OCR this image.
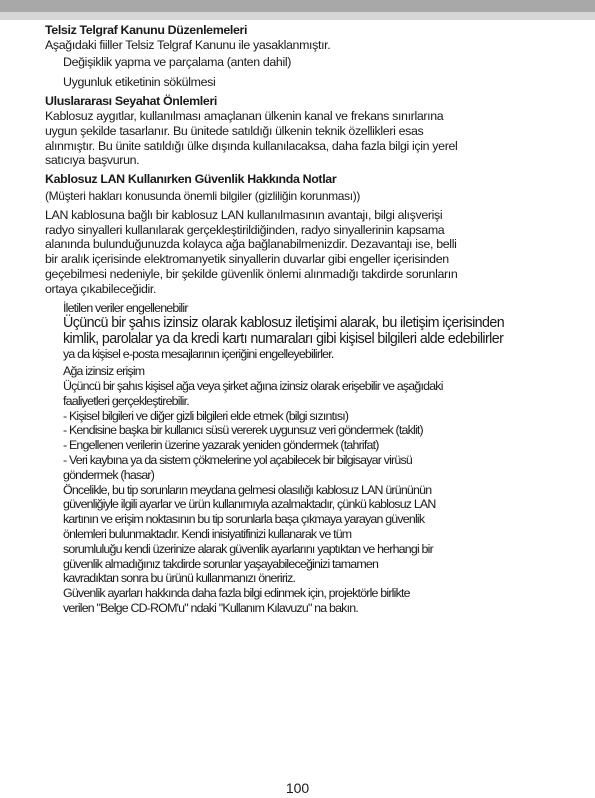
Telsiz Telgraf Kanunu Düzenlemeleri
Aşağıdaki fiiller Telsiz Telgraf Kanunu ile yasaklanmıştır.
Değişiklik yapma ve parçalama (anten dahil)
Uygunluk etiketinin sökülmesi
Uluslararası Seyahat Önlemleri
Kablosuz aygıtlar, kullanılması amaçlanan ülkenin kanal ve frekans sınırlarına
uygun şekilde tasarlanır. Bu ünitede satıldığı ülkenin teknik özellikleri esas
alınmıştır. Bu ünite satıldığı ülke dışında kullanılacaksa, daha fazla bilgi için yerel
satıcıya başvurun.
Kablosuz LAN Kullanırken Güvenlik Hakkında Notlar
(Müşteri hakları konusunda önemli bilgiler (gizliliğin korunması))
LAN kablosuna bağlı bir kablosuz LAN kullanılmasının avantajı, bilgi alışverişi
radyo sinyalleri kullanılarak gerçekleştirildiğinden, radyo sinyallerinin kapsama
alanında bulunduğunuzda kolayca ağa bağlanabilmenizdir. Dezavantajı ise, belli
bir aralık içerisinde elektromanyetik sinyallerin duvarlar gibi engeller içerisinden
geçebilmesi nedeniyle, bir şekilde güvenlik önlemi alınmadığı takdirde sorunların
ortaya çıkabileceğidir.
İletilen veriler engellenebilir
Üçüncü bir şahıs izinsiz olarak kablosuz iletişimi alarak, bu iletişim içerisinden
kimlik, parolalar ya da kredi kartı numaraları gibi kişisel bilgileri alde edebilirler
ya da kişisel e-posta mesajlarının içeriğini engelleyebilirler.
Ağa izinsiz erişim
Üçüncü bir şahıs kişisel ağa veya şirket ağına izinsiz olarak erişebilir ve aşağıdaki
faaliyetleri gerçekleştirebilir.
- Kişisel bilgileri ve diğer gizli bilgileri elde etmek (bilgi sızıntısı)
- Kendisine başka bir kullanıcı süsü vererek uygunsuz veri göndermek (taklit)
- Engellenen verilerin üzerine yazarak yeniden göndermek (tahrifat)
- Veri kaybına ya da sistem çökmelerine yol açabilecek bir bilgisayar virüsü
göndermek (hasar)
Öncelikle, bu tip sorunların meydana gelmesi olasılığı kablosuz LAN ürününün
güvenliğiyle ilgili ayarlar ve ürün kullanımıyla azalmaktadır, çünkü kablosuz LAN
kartının ve erişim noktasının bu tip sorunlarla başa çıkmaya yarayan güvenlik
önlemleri bulunmaktadır. Kendi inisiyatifinizi kullanarak ve tüm
sorumluluğu kendi üzerinize alarak güvenlik ayarlarını yaptıktan ve herhangi bir
güvenlik almadığınız takdirde sorunlar yaşayabileceğinizi tamamen
kavradıktan sonra bu ürünü kullanmanızı öneririz.
Güvenlik ayarları hakkında daha fazla bilgi edinmek için, projektörle birlikte
verilen "Belge CD-ROM'u" ndaki "Kullanım Kılavuzu" na bakın.
100
